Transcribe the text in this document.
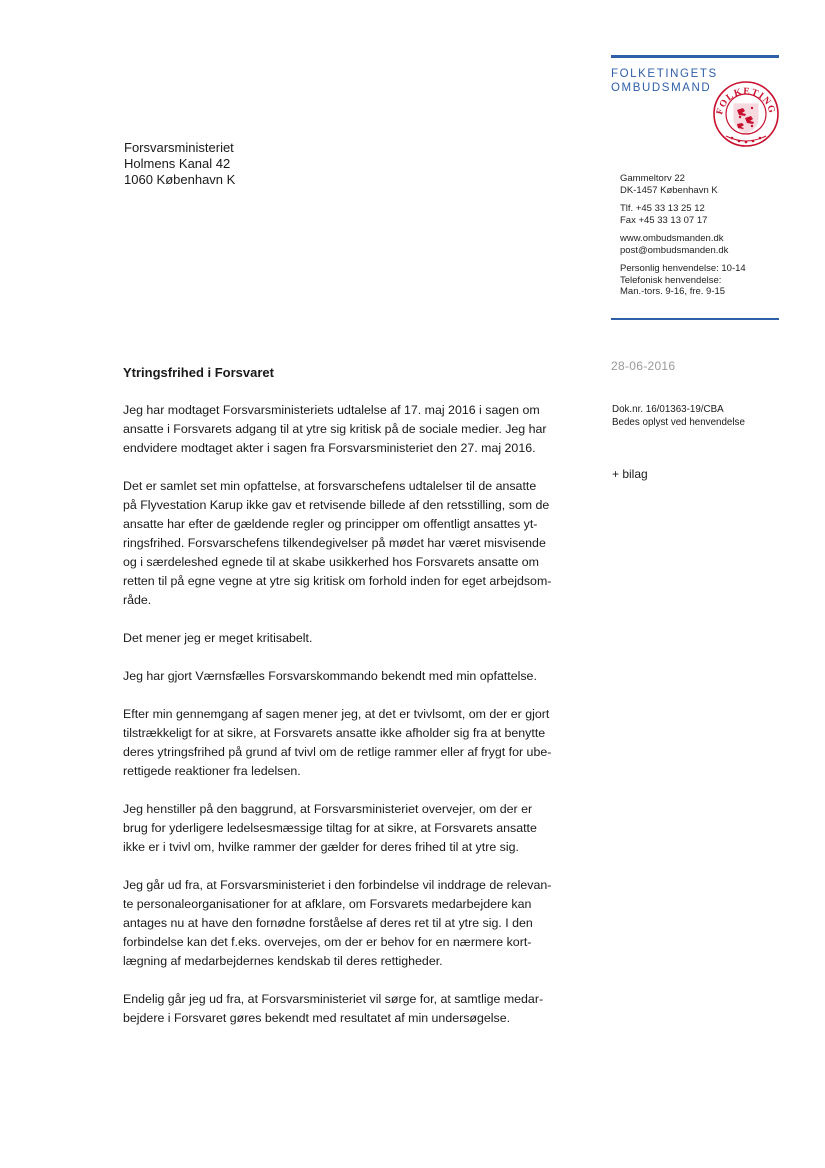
FOLKETINGETS
OMBUDSMAND
FOLKETING
Forsvarsministeriet
Holmens Kanal 42
1060 København K	Gammeltorv 22
DK-1457 København K
Tlf. +45 33 13 25 12
Fax +45 33 13 07 17
www.ombudsmanden.dk
post@ombudsmanden.dk
Personlig henvendelse: 10-14
Telefonisk henvendelse:
Man.-tors. 9-16, fre. 9-15
28-06-2016
Dok.nr. 16/01363-19/CBA
Bedes oplyst ved henvendelse
+ bilag
Ytringsfrihed i Forsvaret

Jeg har modtaget Forsvarsministeriets udtalelse af 17. maj 2016 i sagen om
ansatte i Forsvarets adgang til at ytre sig kritisk på de sociale medier. Jeg har
endvidere modtaget akter i sagen fra Forsvarsministeriet den 27. maj 2016.

Det er samlet set min opfattelse, at forsvarschefens udtalelser til de ansatte
på Flyvestation Karup ikke gav et retvisende billede af den retsstilling, som de
ansatte har efter de gældende regler og principper om offentligt ansattes yt-
ringsfrihed. Forsvarschefens tilkendegivelser på mødet har været misvisende
og i særdeleshed egnede til at skabe usikkerhed hos Forsvarets ansatte om
retten til på egne vegne at ytre sig kritisk om forhold inden for eget arbejdsom-
råde.

Det mener jeg er meget kritisabelt.

Jeg har gjort Værnsfælles Forsvarskommando bekendt med min opfattelse.

Efter min gennemgang af sagen mener jeg, at det er tvivlsomt, om der er gjort
tilstrækkeligt for at sikre, at Forsvarets ansatte ikke afholder sig fra at benytte
deres ytringsfrihed på grund af tvivl om de retlige rammer eller af frygt for ube-
rettigede reaktioner fra ledelsen.

Jeg henstiller på den baggrund, at Forsvarsministeriet overvejer, om der er
brug for yderligere ledelsesmæssige tiltag for at sikre, at Forsvarets ansatte
ikke er i tvivl om, hvilke rammer der gælder for deres frihed til at ytre sig.

Jeg går ud fra, at Forsvarsministeriet i den forbindelse vil inddrage de relevan-
te personaleorganisationer for at afklare, om Forsvarets medarbejdere kan
antages nu at have den fornødne forståelse af deres ret til at ytre sig. I den
forbindelse kan det f.eks. overvejes, om der er behov for en nærmere kort-
lægning af medarbejdernes kendskab til deres rettigheder.

Endelig går jeg ud fra, at Forsvarsministeriet vil sørge for, at samtlige medar-
bejdere i Forsvaret gøres bekendt med resultatet af min undersøgelse.
